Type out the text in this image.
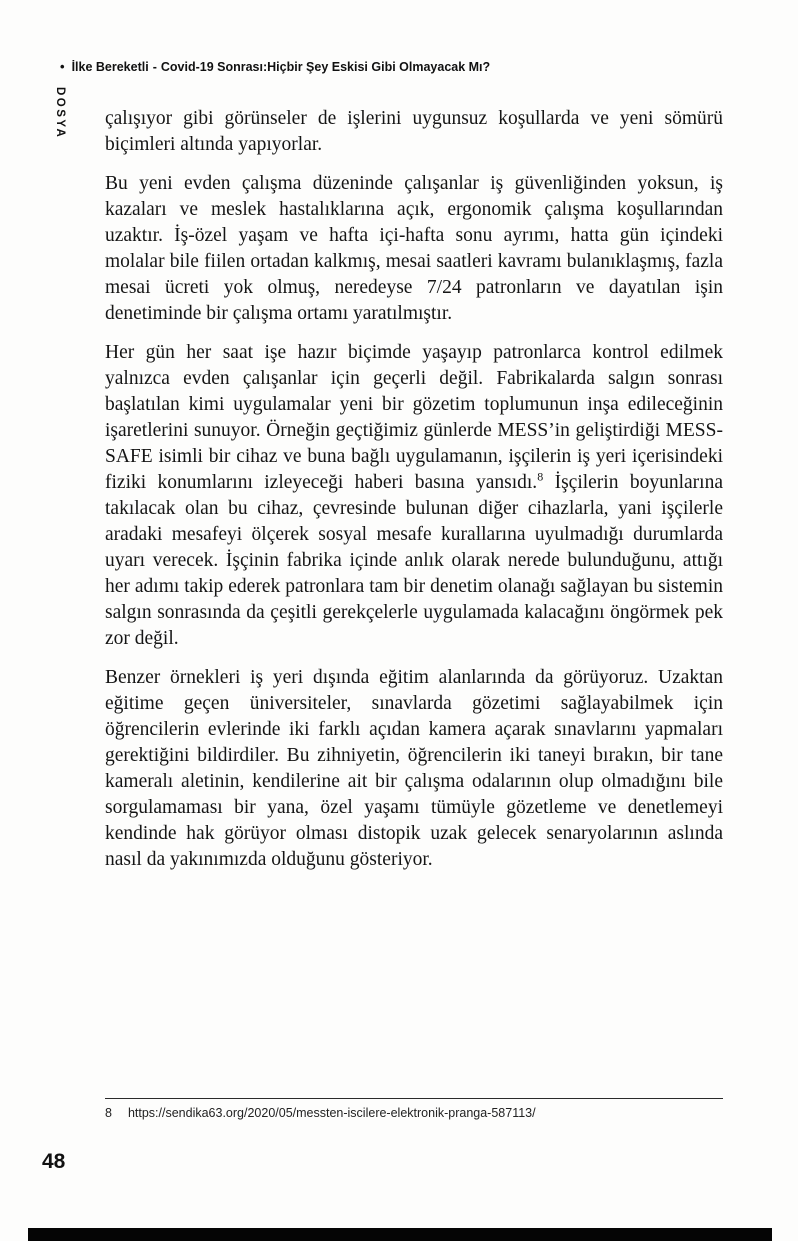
• İlke Bereketli - Covid-19 Sonrası:Hiçbir Şey Eskisi Gibi Olmayacak Mı?
DOSYA çalışıyor gibi görünseler de işlerini uygunsuz koşullarda ve yeni sömürü biçimleri altında yapıyorlar.

Bu yeni evden çalışma düzeninde çalışanlar iş güvenliğinden yoksun, iş kazaları ve meslek hastalıklarına açık, ergonomik çalışma koşullarından uzaktır. İş-özel yaşam ve hafta içi-hafta sonu ayrımı, hatta gün içindeki molalar bile fiilen ortadan kalkmış, mesai saatleri kavramı bulanıklaşmış, fazla mesai ücreti yok olmuş, neredeyse 7/24 patronların ve dayatılan işin denetiminde bir çalışma ortamı yaratılmıştır.

Her gün her saat işe hazır biçimde yaşayıp patronlarca kontrol edilmek yalnızca evden çalışanlar için geçerli değil. Fabrikalarda salgın sonrası başlatılan kimi uygulamalar yeni bir gözetim toplumunun inşa edileceğinin işaretlerini sunuyor. Örneğin geçtiğimiz günlerde MESS’in geliştirdiği MESS-SAFE isimli bir cihaz ve buna bağlı uygulamanın, işçilerin iş yeri içerisindeki fiziki konumlarını izleyeceği haberi basına yansıdı.$^8$ İşçilerin boyunlarına takılacak olan bu cihaz, çevresinde bulunan diğer cihazlarla, yani işçilerle aradaki mesafeyi ölçerek sosyal mesafe kurallarına uyulmadığı durumlarda uyarı verecek. İşçinin fabrika içinde anlık olarak nerede bulunduğunu, attığı her adımı takip ederek patronlara tam bir denetim olanağı sağlayan bu sistemin salgın sonrasında da çeşitli gerekçelerle uygulamada kalacağını öngörmek pek zor değil.

Benzer örnekleri iş yeri dışında eğitim alanlarında da görüyoruz. Uzaktan eğitime geçen üniversiteler, sınavlarda gözetimi sağlayabilmek için öğrencilerin evlerinde iki farklı açıdan kamera açarak sınavlarını yapmaları gerektiğini bildirdiler. Bu zihniyetin, öğrencilerin iki taneyi bırakın, bir tane kameralı aletinin, kendilerine ait bir çalışma odalarının olup olmadığını bile sorgulamaması bir yana, özel yaşamı tümüyle gözetleme ve denetlemeyi kendinde hak görüyor olması distopik uzak gelecek senaryolarının aslında nasıl da yakınımızda olduğunu gösteriyor.

8 https://sendika63.org/2020/05/messten-iscilere-elektronik-pranga-587113/
48
